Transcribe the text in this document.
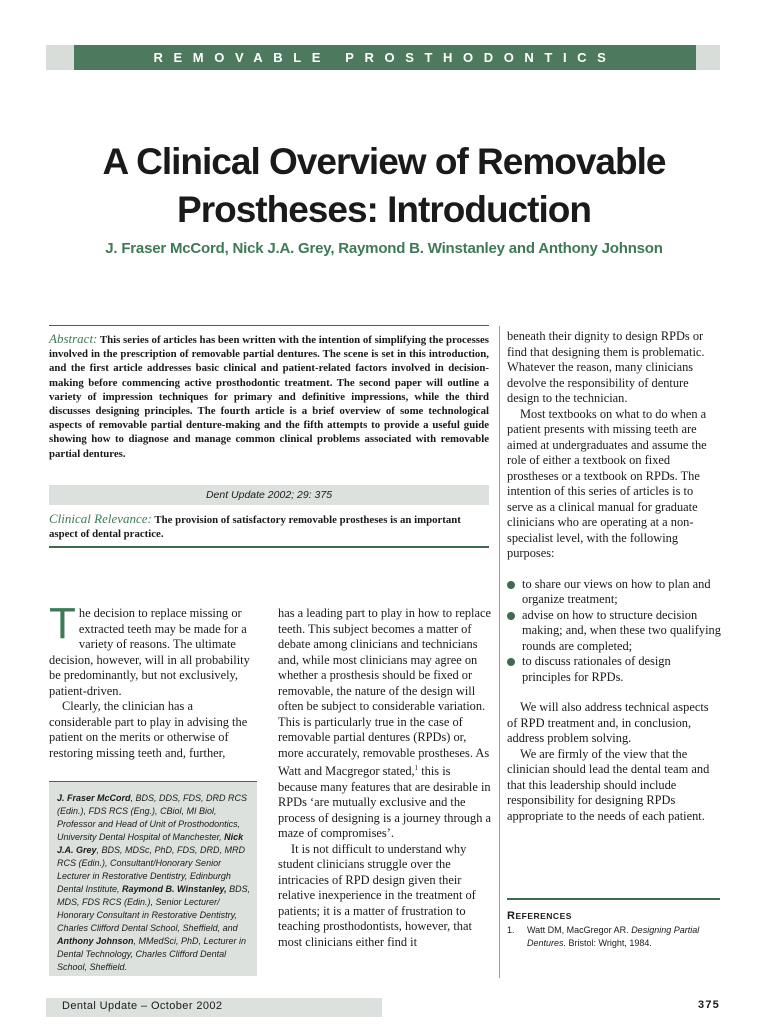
REMOVABLE PROSTHODONTICS
A Clinical Overview of Removable
Prostheses: Introduction
J. Fraser McCord, Nick J.A. Grey, Raymond B. Winstanley and Anthony Johnson
Abstract: This series of articles has been written with the intention of simplifying the processes involved in the prescription of removable partial dentures. The scene is set in this introduction, and the first article addresses basic clinical and patient-related factors involved in decision-making before commencing active prosthodontic treatment. The second paper will outline a variety of impression techniques for primary and definitive impressions, while the third discusses designing principles. The fourth article is a brief overview of some technological aspects of removable partial denture-making and the fifth attempts to provide a useful guide showing how to diagnose and manage common clinical problems associated with removable partial dentures.
Dent Update 2002; 29: 375
Clinical Relevance: The provision of satisfactory removable prostheses is an important aspect of dental practice.

The decision to replace missing or extracted teeth may be made for a variety of reasons. The ultimate decision, however, will in all probability be predominantly, but not exclusively, patient-driven.

Clearly, the clinician has a considerable part to play in advising the patient on the merits or otherwise of restoring missing teeth and, further,

J. Fraser McCord, BDS, DDS, FDS, DRD RCS (Edin.), FDS RCS (Eng.), CBiol, MI Biol, Professor and Head of Unit of Prosthodontics, University Dental Hospital of Manchester, Nick J.A. Grey, BDS, MDSc, PhD, FDS, DRD, MRD RCS (Edin.), Consultant/Honorary Senior Lecturer in Restorative Dentistry, Edinburgh Dental Institute, Raymond B. Winstanley, BDS, MDS, FDS RCS (Edin.), Senior Lecturer/ Honorary Consultant in Restorative Dentistry, Charles Clifford Dental School, Sheffield, and Anthony Johnson, MMedSci, PhD, Lecturer in Dental Technology, Charles Clifford Dental School, Sheffield.

has a leading part to play in how to replace teeth. This subject becomes a matter of debate among clinicians and technicians and, while most clinicians may agree on whether a prosthesis should be fixed or removable, the nature of the design will often be subject to considerable variation. This is particularly true in the case of removable partial dentures (RPDs) or, more accurately, removable prostheses. As Watt and Macgregor stated,$^1$ this is because many features that are desirable in RPDs ‘are mutually exclusive and the process of designing is a journey through a maze of compromises’.

It is not difficult to understand why student clinicians struggle over the intricacies of RPD design given their relative inexperience in the treatment of patients; it is a matter of frustration to teaching prosthodontists, however, that most clinicians either find it

beneath their dignity to design RPDs or find that designing them is problematic. Whatever the reason, many clinicians devolve the responsibility of denture design to the technician.

Most textbooks on what to do when a patient presents with missing teeth are aimed at undergraduates and assume the role of either a textbook on fixed prostheses or a textbook on RPDs. The intention of this series of articles is to serve as a clinical manual for graduate clinicians who are operating at a non-specialist level, with the following purposes:

to share our views on how to plan and organize treatment;
advise on how to structure decision making; and, when these two qualifying rounds are completed;
to discuss rationales of design principles for RPDs.

We will also address technical aspects of RPD treatment and, in conclusion, address problem solving.

We are firmly of the view that the clinician should lead the dental team and that this leadership should include responsibility for designing RPDs appropriate to the needs of each patient.

REFERENCES
1. Watt DM, MacGregor AR. Designing Partial Dentures. Bristol: Wright, 1984.
Dental Update – October 2002	375
